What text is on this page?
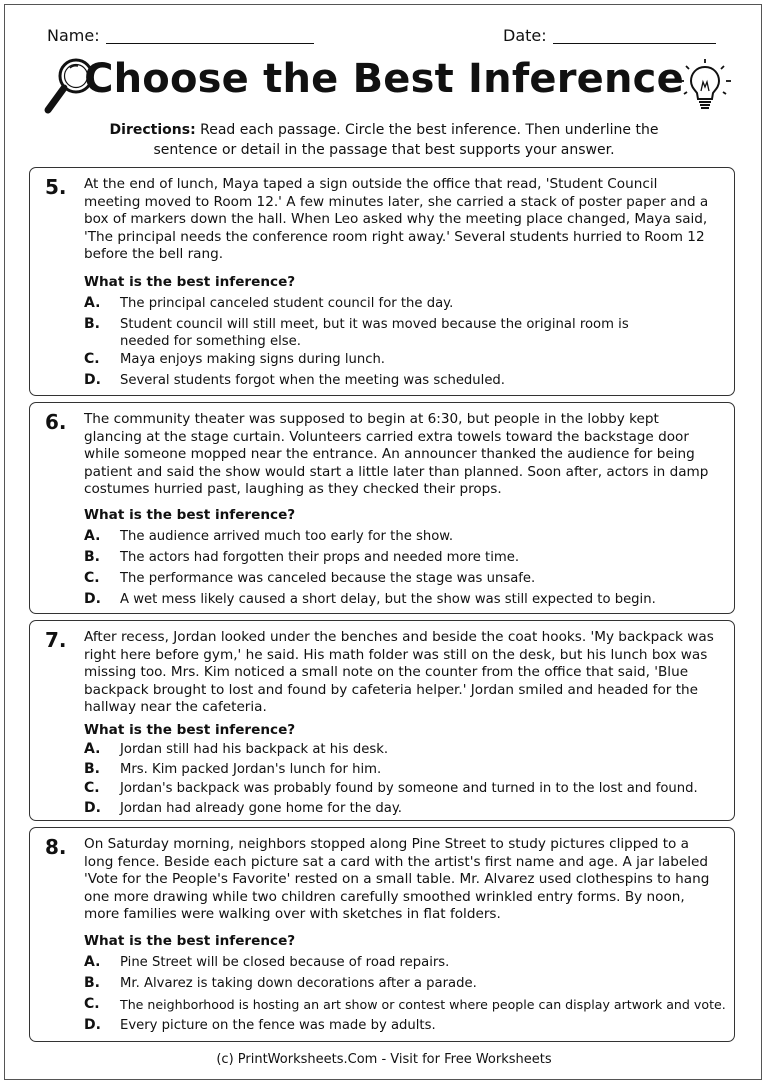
Name:	Date:
Choose the Best Inference
Directions: Read each passage. Circle the best inference. Then underline the sentence or detail in the passage that best supports your answer.
5. At the end of lunch, Maya taped a sign outside the office that read, 'Student Council meeting moved to Room 12.' A few minutes later, she carried a stack of poster paper and a box of markers down the hall. When Leo asked why the meeting place changed, Maya said, 'The principal needs the conference room right away.' Several students hurried to Room 12 before the bell rang.
What is the best inference?
A. The principal canceled student council for the day.
B. Student council will still meet, but it was moved because the original room is needed for something else.
C. Maya enjoys making signs during lunch.
D. Several students forgot when the meeting was scheduled.
6. The community theater was supposed to begin at 6:30, but people in the lobby kept glancing at the stage curtain. Volunteers carried extra towels toward the backstage door while someone mopped near the entrance. An announcer thanked the audience for being patient and said the show would start a little later than planned. Soon after, actors in damp costumes hurried past, laughing as they checked their props.
What is the best inference?
A. The audience arrived much too early for the show.
B. The actors had forgotten their props and needed more time.
C. The performance was canceled because the stage was unsafe.
D. A wet mess likely caused a short delay, but the show was still expected to begin.
7. After recess, Jordan looked under the benches and beside the coat hooks. 'My backpack was right here before gym,' he said. His math folder was still on the desk, but his lunch box was missing too. Mrs. Kim noticed a small note on the counter from the office that said, 'Blue backpack brought to lost and found by cafeteria helper.' Jordan smiled and headed for the hallway near the cafeteria.
What is the best inference?
A. Jordan still had his backpack at his desk.
B. Mrs. Kim packed Jordan's lunch for him.
C. Jordan's backpack was probably found by someone and turned in to the lost and found.
D. Jordan had already gone home for the day.
8. On Saturday morning, neighbors stopped along Pine Street to study pictures clipped to a long fence. Beside each picture sat a card with the artist's first name and age. A jar labeled 'Vote for the People's Favorite' rested on a small table. Mr. Alvarez used clothespins to hang one more drawing while two children carefully smoothed wrinkled entry forms. By noon, more families were walking over with sketches in flat folders.
What is the best inference?
A. Pine Street will be closed because of road repairs.
B. Mr. Alvarez is taking down decorations after a parade.
C. The neighborhood is hosting an art show or contest where people can display artwork and vote.
D. Every picture on the fence was made by adults.
(c) PrintWorksheets.Com - Visit for Free Worksheets
